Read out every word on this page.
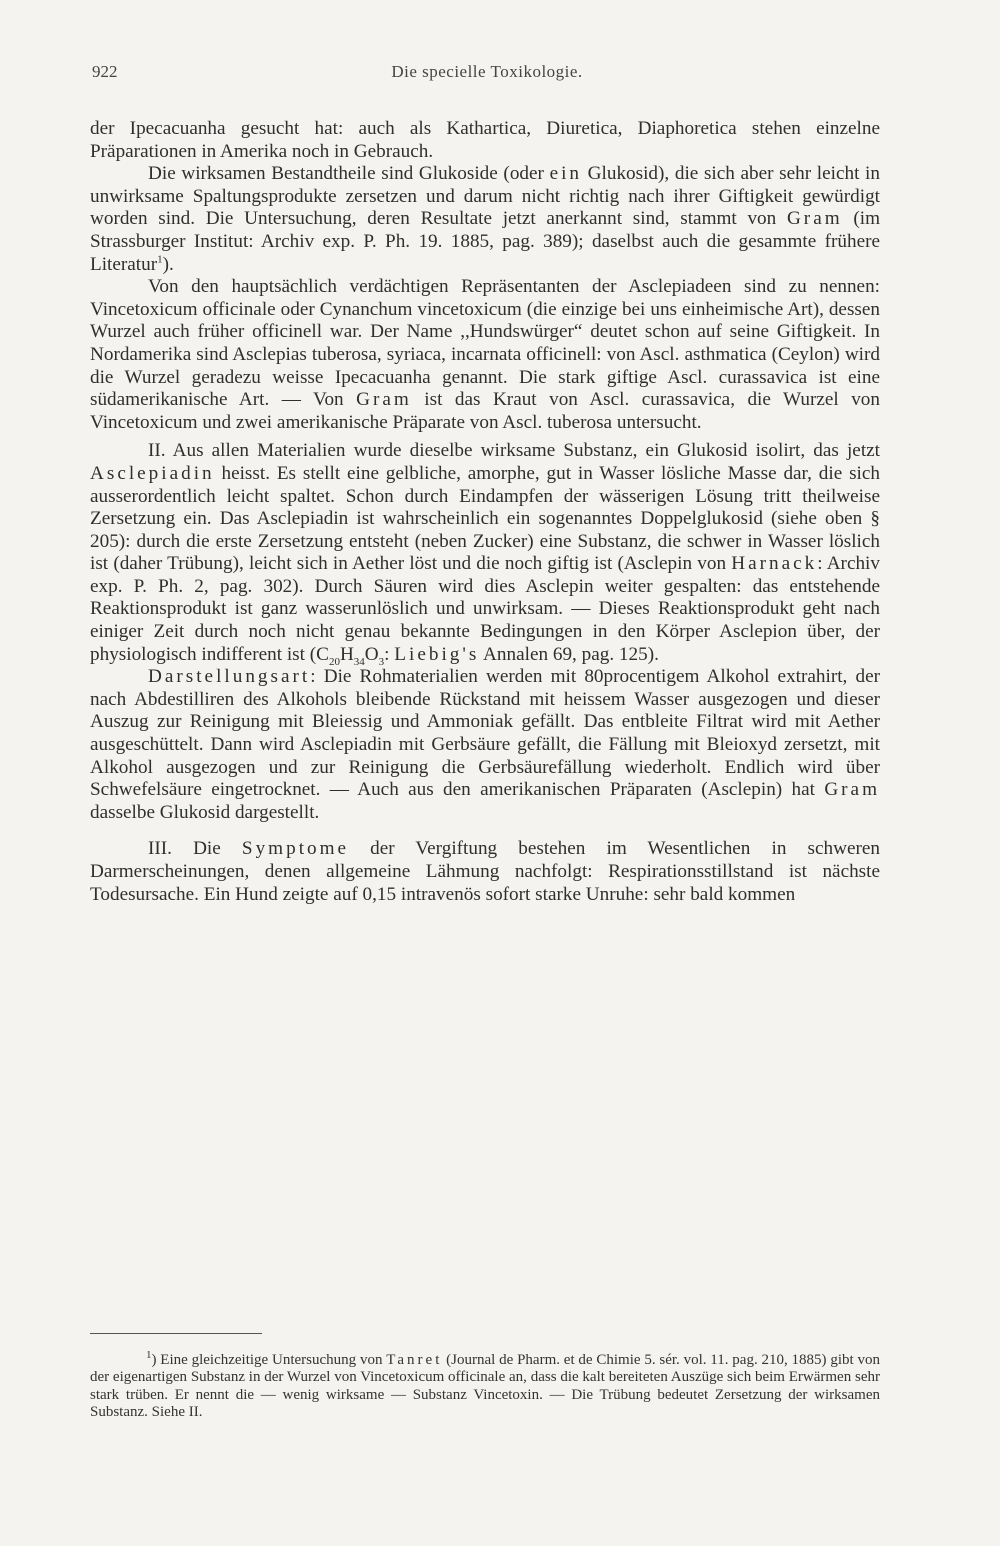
922	Die specielle Toxikologie.

der Ipecacuanha gesucht hat: auch als Kathartica, Diuretica, Diaphoretica stehen einzelne Präparationen in Amerika noch in Gebrauch.

Die wirksamen Bestandtheile sind Glukoside (oder ein Glukosid), die sich aber sehr leicht in unwirksame Spaltungsprodukte zersetzen und darum nicht richtig nach ihrer Giftigkeit gewürdigt worden sind. Die Untersuchung, deren Resultate jetzt anerkannt sind, stammt von Gram (im Strassburger Institut: Archiv exp. P. Ph. 19. 1885, pag. 389); daselbst auch die gesammte frühere Literatur$^1$).

Von den hauptsächlich verdächtigen Repräsentanten der Asclepiadeen sind zu nennen: Vincetoxicum officinale oder Cynanchum vincetoxicum (die einzige bei uns einheimische Art), dessen Wurzel auch früher officinell war. Der Name ,,Hundswürger“ deutet schon auf seine Giftigkeit. In Nordamerika sind Asclepias tuberosa, syriaca, incarnata officinell: von Ascl. asthmatica (Ceylon) wird die Wurzel geradezu weisse Ipecacuanha genannt. Die stark giftige Ascl. curassavica ist eine südamerikanische Art. — Von Gram ist das Kraut von Ascl. curassavica, die Wurzel von Vincetoxicum und zwei amerikanische Präparate von Ascl. tuberosa untersucht.

II. Aus allen Materialien wurde dieselbe wirksame Substanz, ein Glukosid isolirt, das jetzt Asclepiadin heisst. Es stellt eine gelbliche, amorphe, gut in Wasser lösliche Masse dar, die sich ausserordentlich leicht spaltet. Schon durch Eindampfen der wässerigen Lösung tritt theilweise Zersetzung ein. Das Asclepiadin ist wahrscheinlich ein sogenanntes Doppelglukosid (siehe oben § 205): durch die erste Zersetzung entsteht (neben Zucker) eine Substanz, die schwer in Wasser löslich ist (daher Trübung), leicht sich in Aether löst und die noch giftig ist (Asclepin von Harnack: Archiv exp. P. Ph. 2, pag. 302). Durch Säuren wird dies Asclepin weiter gespalten: das entstehende Reaktionsprodukt ist ganz wasserunlöslich und unwirksam. — Dieses Reaktionsprodukt geht nach einiger Zeit durch noch nicht genau bekannte Bedingungen in den Körper Asclepion über, der physiologisch indifferent ist ($C_{20}H_{34}O_3$: Liebig's Annalen 69, pag. 125).

Darstellungsart: Die Rohmaterialien werden mit 80procentigem Alkohol extrahirt, der nach Abdestilliren des Alkohols bleibende Rückstand mit heissem Wasser ausgezogen und dieser Auszug zur Reinigung mit Bleiessig und Ammoniak gefällt. Das entbleite Filtrat wird mit Aether ausgeschüttelt. Dann wird Asclepiadin mit Gerbsäure gefällt, die Fällung mit Bleioxyd zersetzt, mit Alkohol ausgezogen und zur Reinigung die Gerbsäurefällung wiederholt. Endlich wird über Schwefelsäure eingetrocknet. — Auch aus den amerikanischen Präparaten (Asclepin) hat Gram dasselbe Glukosid dargestellt.

III. Die Symptome der Vergiftung bestehen im Wesentlichen in schweren Darmerscheinungen, denen allgemeine Lähmung nachfolgt: Respirationsstillstand ist nächste Todesursache. Ein Hund zeigte auf 0,15 intravenös sofort starke Unruhe: sehr bald kommen

$^1$) Eine gleichzeitige Untersuchung von Tanret (Journal de Pharm. et de Chimie 5. sér. vol. 11. pag. 210, 1885) gibt von der eigenartigen Substanz in der Wurzel von Vincetoxicum officinale an, dass die kalt bereiteten Auszüge sich beim Erwärmen sehr stark trüben. Er nennt die — wenig wirksame — Substanz Vincetoxin. — Die Trübung bedeutet Zersetzung der wirksamen Substanz. Siehe II.
